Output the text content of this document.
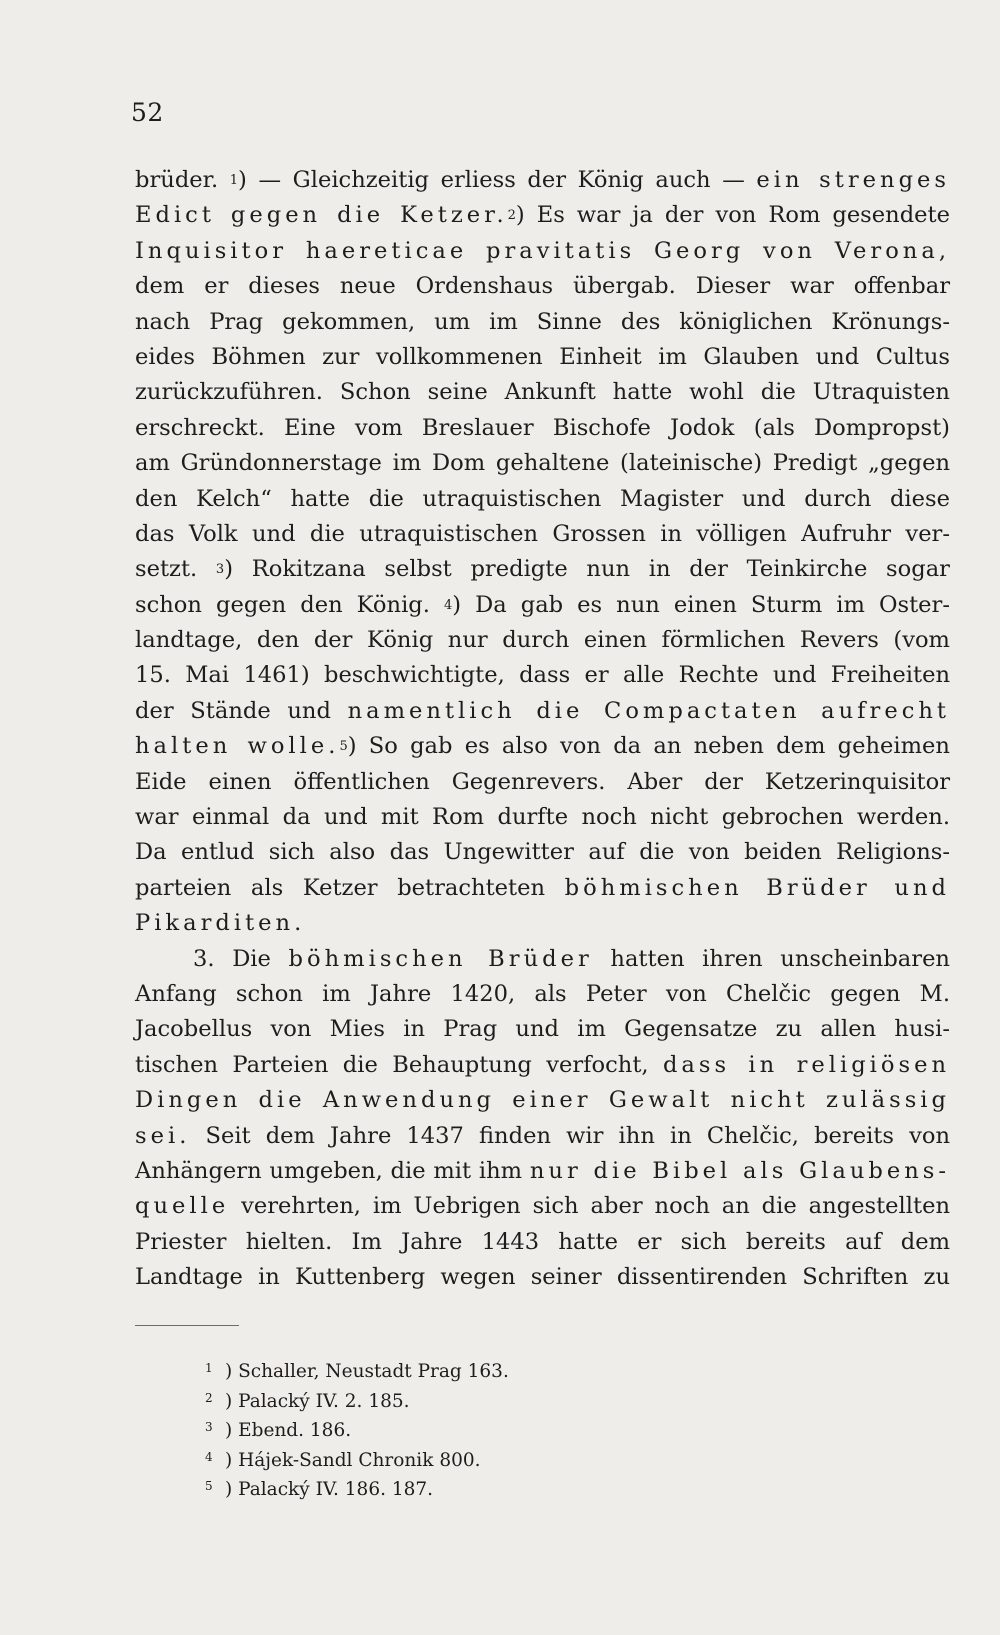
52
brüder. $^1$) — Gleichzeitig erliess der König auch — ein strenges
Edict gegen die Ketzer.$^2$) Es war ja der von Rom gesendete
Inquisitor haereticae pravitatis Georg von Verona,
dem er dieses neue Ordenshaus übergab. Dieser war offenbar
nach Prag gekommen, um im Sinne des königlichen Krönungs-
eides Böhmen zur vollkommenen Einheit im Glauben und Cultus
zurückzuführen. Schon seine Ankunft hatte wohl die Utraquisten
erschreckt. Eine vom Breslauer Bischofe Jodok (als Dompropst)
am Gründonnerstage im Dom gehaltene (lateinische) Predigt „gegen
den Kelch“ hatte die utraquistischen Magister und durch diese
das Volk und die utraquistischen Grossen in völligen Aufruhr ver-
setzt. $^3$) Rokitzana selbst predigte nun in der Teinkirche sogar
schon gegen den König. $^4$) Da gab es nun einen Sturm im Oster-
landtage, den der König nur durch einen förmlichen Revers (vom
15. Mai 1461) beschwichtigte, dass er alle Rechte und Freiheiten
der Stände und namentlich die Compactaten aufrecht
halten wolle.$^5$) So gab es also von da an neben dem geheimen
Eide einen öffentlichen Gegenrevers. Aber der Ketzerinquisitor
war einmal da und mit Rom durfte noch nicht gebrochen werden.
Da entlud sich also das Ungewitter auf die von beiden Religions-
parteien als Ketzer betrachteten böhmischen Brüder und
Pikarditen.
3. Die böhmischen Brüder hatten ihren unscheinbaren
Anfang schon im Jahre 1420, als Peter von Chelčic gegen M.
Jacobellus von Mies in Prag und im Gegensatze zu allen husi-
tischen Parteien die Behauptung verfocht, dass in religiösen
Dingen die Anwendung einer Gewalt nicht zulässig
sei. Seit dem Jahre 1437 finden wir ihn in Chelčic, bereits von
Anhängern umgeben, die mit ihm nur die Bibel als Glaubens-
quelle verehrten, im Uebrigen sich aber noch an die angestellten
Priester hielten. Im Jahre 1443 hatte er sich bereits auf dem
Landtage in Kuttenberg wegen seiner dissentirenden Schriften zu
1 ) Schaller, Neustadt Prag 163.
2 ) Palacký IV. 2. 185.
3 ) Ebend. 186.
4 ) Hájek-Sandl Chronik 800.
5 ) Palacký IV. 186. 187.
